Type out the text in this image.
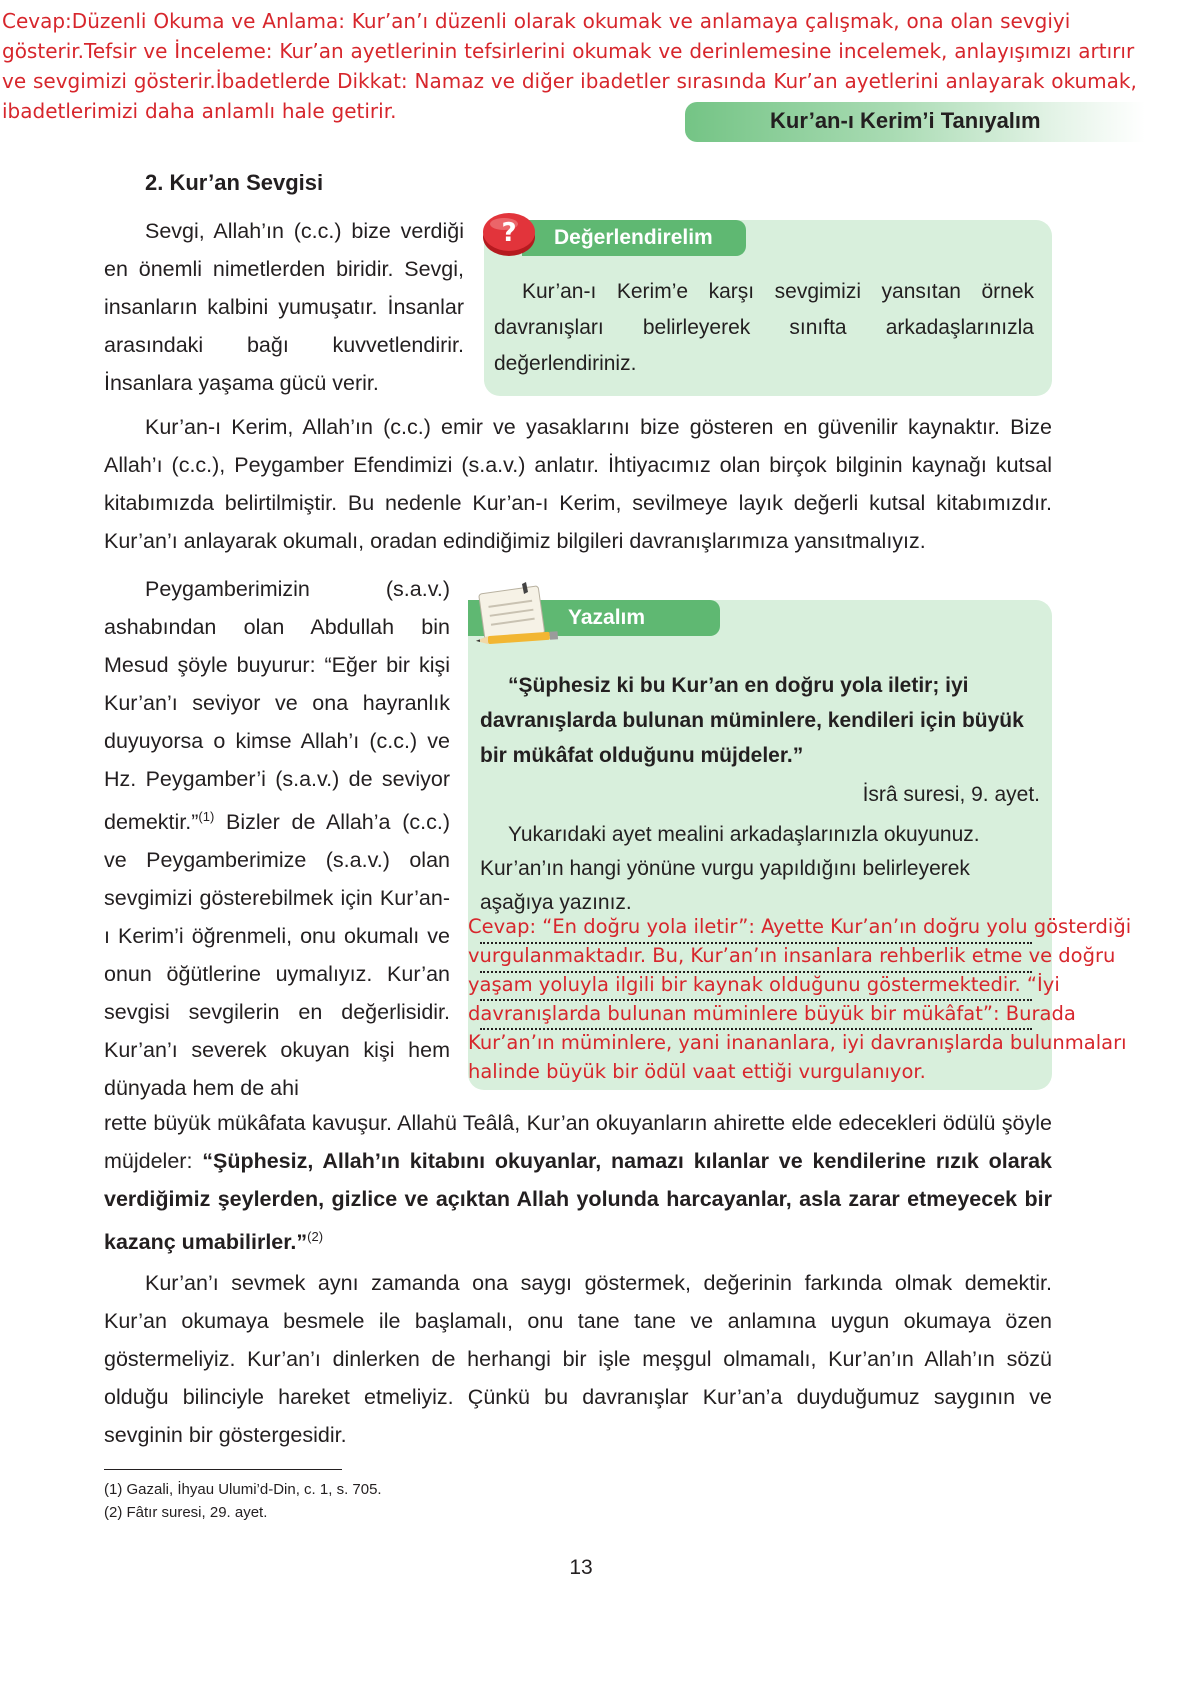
Cevap:Düzenli Okuma ve Anlama: Kur’an’ı düzenli olarak okumak ve anlamaya çalışmak, ona olan sevgiyi gösterir.Tefsir ve İnceleme: Kur’an ayetlerinin tefsirlerini okumak ve derinlemesine incelemek, anlayışımızı artırır ve sevgimizi gösterir.İbadetlerde Dikkat: Namaz ve diğer ibadetler sırasında Kur’an ayetlerini anlayarak okumak, ibadetlerimizi daha anlamlı hale getirir.	Kur’an-ı Kerim’i Tanıyalım
2. Kur’an Sevgisi
Sevgi, Allah’ın (c.c.) bize verdiği en önemli nimetlerden biridir. Sevgi, insanların kalbini yumuşatır. İnsanlar arasındaki bağı kuvvetlendirir. İnsanlara yaşama gücü verir.
Değerlendirelim
?
Kur’an-ı Kerim’e karşı sevgimizi yansıtan örnek davranışları belirleyerek sınıfta arkadaşlarınızla değerlendiriniz.
Kur’an-ı Kerim, Allah’ın (c.c.) emir ve yasaklarını bize gösteren en güvenilir kaynaktır. Bize Allah’ı (c.c.), Peygamber Efendimizi (s.a.v.) anlatır. İhtiyacımız olan birçok bilginin kaynağı kutsal kitabımızda belirtilmiştir. Bu nedenle Kur’an-ı Kerim, sevilmeye layık değerli kutsal kitabımızdır. Kur’an’ı anlayarak okumalı, oradan edindiğimiz bilgileri davranışlarımıza yansıtmalıyız.
Peygamberimizin (s.a.v.) ashabından olan Abdullah bin Mesud şöyle buyurur: “Eğer bir kişi Kur’an’ı seviyor ve ona hayranlık duyuyorsa o kimse Allah’ı (c.c.) ve Hz. Peygamber’i (s.a.v.) de seviyor demektir.”$^{(1)}$ Bizler de Allah’a (c.c.) ve Peygamberimize (s.a.v.) olan sevgimizi gösterebilmek için Kur’an-ı Kerim’i öğrenmeli, onu okumalı ve onun öğütlerine uymalıyız. Kur’an sevgisi sevgilerin en değerlisidir. Kur’an’ı severek okuyan kişi hem dünyada hem de ahi
rette büyük mükâfata kavuşur. Allahü Teâlâ, Kur’an okuyanların ahirette elde edecekleri ödülü şöyle müjdeler: “Şüphesiz, Allah’ın kitabını okuyanlar, namazı kılanlar ve kendilerine rızık olarak verdiğimiz şeylerden, gizlice ve açıktan Allah yolunda harcayanlar, asla zarar etmeyecek bir kazanç umabilirler.”$^{(2)}$
Yazalım
“Şüphesiz ki bu Kur’an en doğru yola iletir; iyi davranışlarda bulunan müminlere, kendileri için büyük bir mükâfat olduğunu müjdeler.”
İsrâ suresi, 9. ayet.
Yukarıdaki ayet mealini arkadaşlarınızla okuyunuz. Kur’an’ın hangi yönüne vurgu yapıldığını belirleyerek aşağıya yazınız.
Cevap: “En doğru yola iletir”: Ayette Kur’an’ın doğru yolu gösterdiği vurgulanmaktadır. Bu, Kur’an’ın insanlara rehberlik etme ve doğru yaşam yoluyla ilgili bir kaynak olduğunu göstermektedir. “İyi davranışlarda bulunan müminlere büyük bir mükâfat”: Burada Kur’an’ın müminlere, yani inananlara, iyi davranışlarda bulunmaları halinde büyük bir ödül vaat ettiği vurgulanıyor.
Kur’an’ı sevmek aynı zamanda ona saygı göstermek, değerinin farkında olmak demektir. Kur’an okumaya besmele ile başlamalı, onu tane tane ve anlamına uygun okumaya özen göstermeliyiz. Kur’an’ı dinlerken de herhangi bir işle meşgul olmamalı, Kur’an’ın Allah’ın sözü olduğu bilinciyle hareket etmeliyiz. Çünkü bu davranışlar Kur’an’a duyduğumuz saygının ve sevginin bir göstergesidir.
(1) Gazali, İhyau Ulumi’d-Din, c. 1, s. 705.
(2) Fâtır suresi, 29. ayet.
13
